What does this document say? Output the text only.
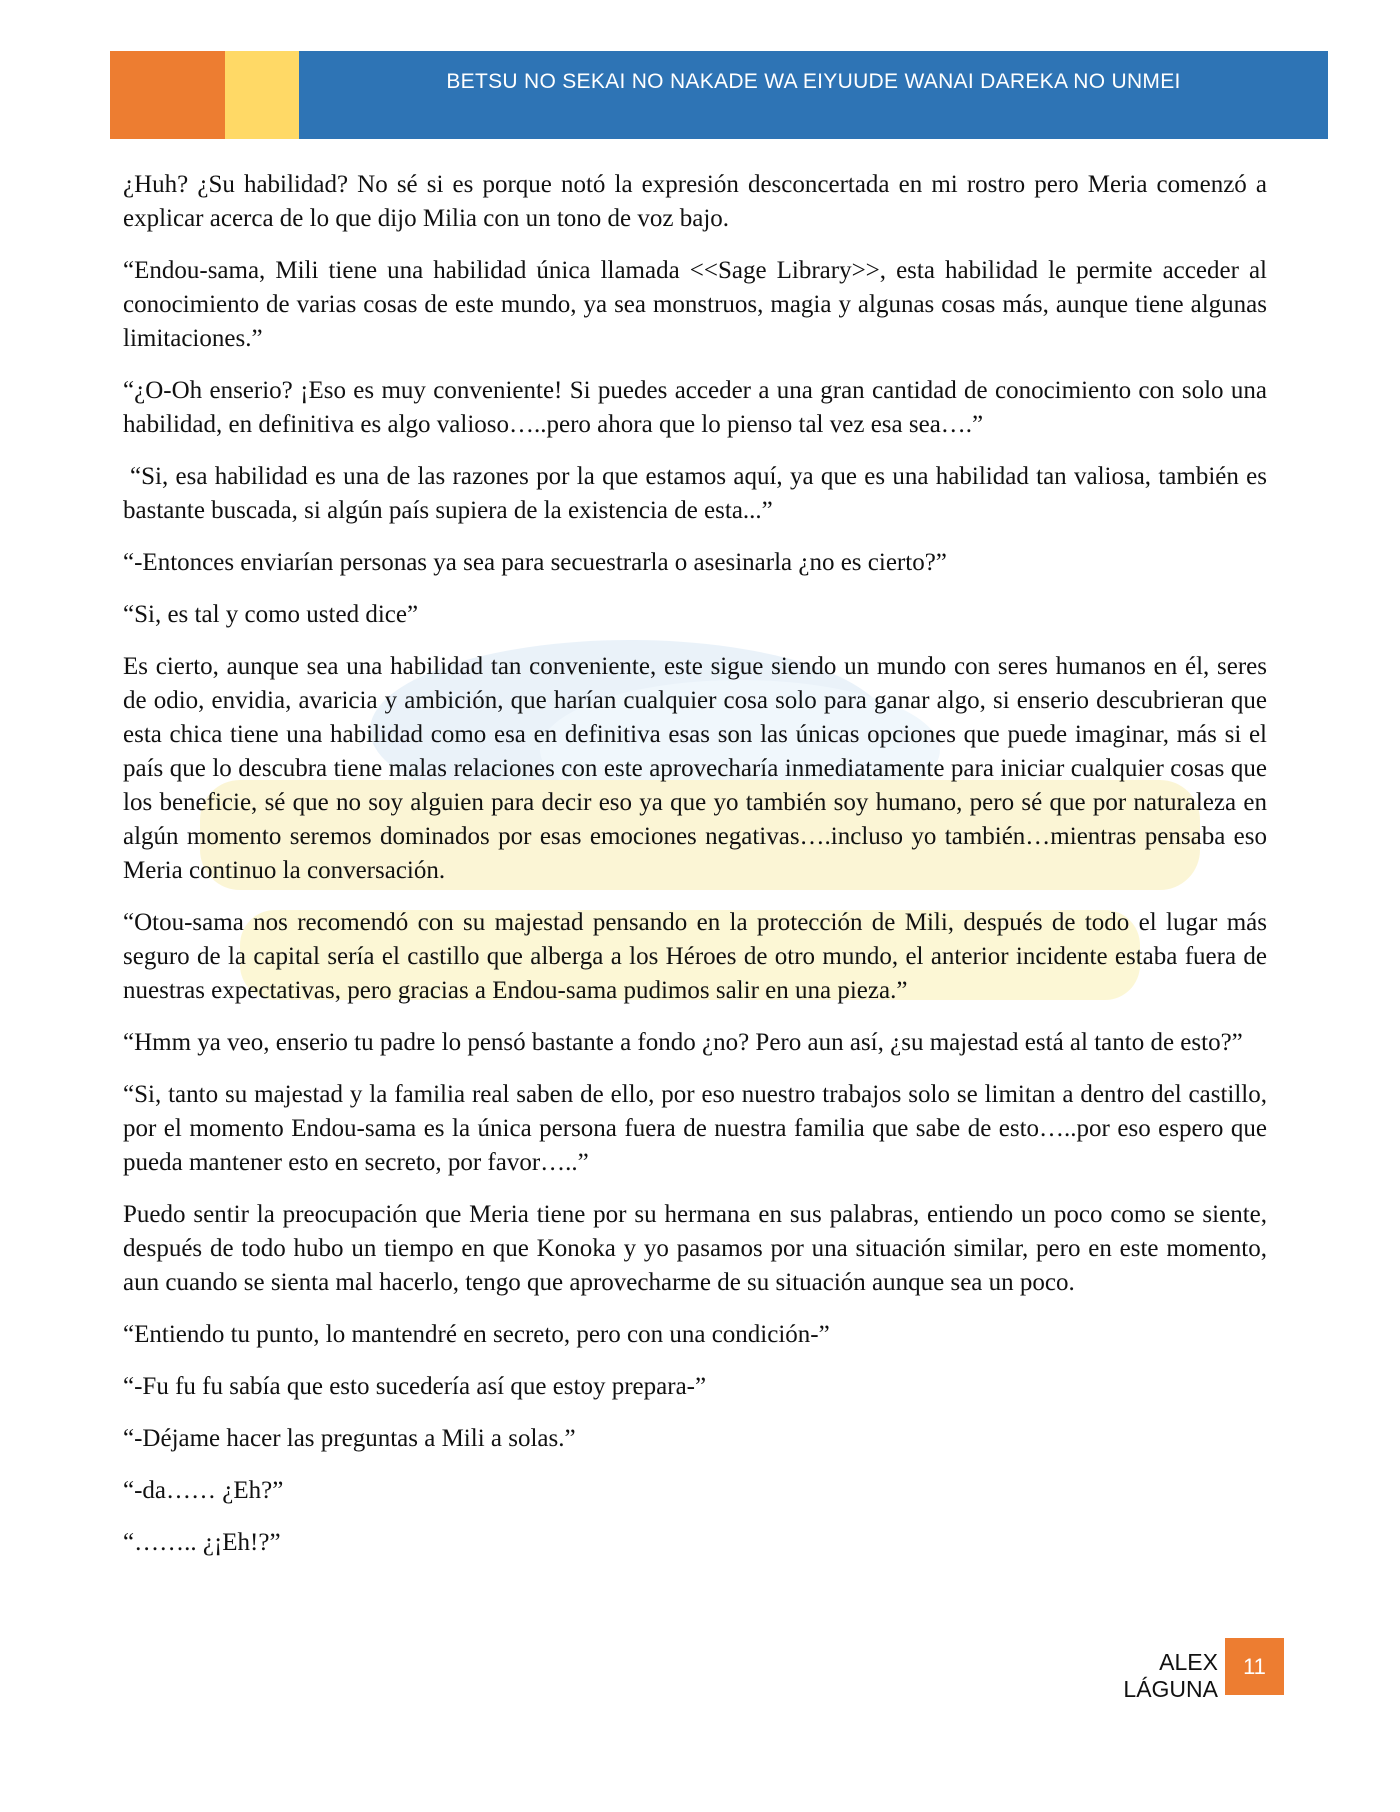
BETSU NO SEKAI NO NAKADE WA EIYUUDE WANAI DAREKA NO UNMEI

¿Huh? ¿Su habilidad? No sé si es porque notó la expresión desconcertada en mi rostro pero Meria comenzó a explicar acerca de lo que dijo Milia con un tono de voz bajo.

“Endou-sama, Mili tiene una habilidad única llamada <<Sage Library>>, esta habilidad le permite acceder al conocimiento de varias cosas de este mundo, ya sea monstruos, magia y algunas cosas más, aunque tiene algunas limitaciones.”

“¿O-Oh enserio? ¡Eso es muy conveniente! Si puedes acceder a una gran cantidad de conocimiento con solo una habilidad, en definitiva es algo valioso…..pero ahora que lo pienso tal vez esa sea….”

“Si, esa habilidad es una de las razones por la que estamos aquí, ya que es una habilidad tan valiosa, también es bastante buscada, si algún país supiera de la existencia de esta...”

“-Entonces enviarían personas ya sea para secuestrarla o asesinarla ¿no es cierto?”

“Si, es tal y como usted dice”

Es cierto, aunque sea una habilidad tan conveniente, este sigue siendo un mundo con seres humanos en él, seres de odio, envidia, avaricia y ambición, que harían cualquier cosa solo para ganar algo, si enserio descubrieran que esta chica tiene una habilidad como esa en definitiva esas son las únicas opciones que puede imaginar, más si el país que lo descubra tiene malas relaciones con este aprovecharía inmediatamente para iniciar cualquier cosas que los beneficie, sé que no soy alguien para decir eso ya que yo también soy humano, pero sé que por naturaleza en algún momento seremos dominados por esas emociones negativas….incluso yo también…mientras pensaba eso Meria continuo la conversación.

“Otou-sama nos recomendó con su majestad pensando en la protección de Mili, después de todo el lugar más seguro de la capital sería el castillo que alberga a los Héroes de otro mundo, el anterior incidente estaba fuera de nuestras expectativas, pero gracias a Endou-sama pudimos salir en una pieza.”

“Hmm ya veo, enserio tu padre lo pensó bastante a fondo ¿no? Pero aun así, ¿su majestad está al tanto de esto?”

“Si, tanto su majestad y la familia real saben de ello, por eso nuestro trabajos solo se limitan a dentro del castillo, por el momento Endou-sama es la única persona fuera de nuestra familia que sabe de esto…..por eso espero que pueda mantener esto en secreto, por favor…..”

Puedo sentir la preocupación que Meria tiene por su hermana en sus palabras, entiendo un poco como se siente, después de todo hubo un tiempo en que Konoka y yo pasamos por una situación similar, pero en este momento, aun cuando se sienta mal hacerlo, tengo que aprovecharme de su situación aunque sea un poco.

“Entiendo tu punto, lo mantendré en secreto, pero con una condición-”

“-Fu fu fu sabía que esto sucedería así que estoy prepara-”

“-Déjame hacer las preguntas a Mili a solas.”

“-da…… ¿Eh?”

“…….. ¿¡Eh!?”

ALEX LÁGUNA
11
